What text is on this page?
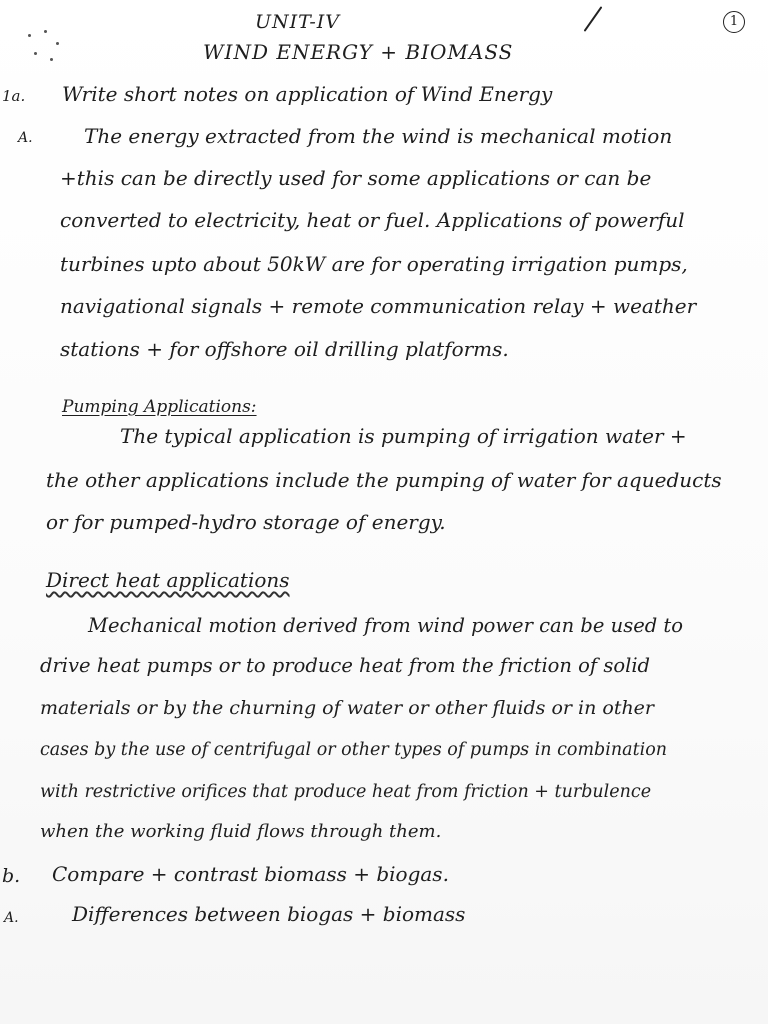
1
UNIT-IV
WIND ENERGY + BIOMASS
1a. Write short notes on application of Wind Energy
A.	The energy extracted from the wind is mechanical motion
+this can be directly used for some applications or can be
converted to electricity, heat or fuel. Applications of powerful
turbines upto about 50kW are for operating irrigation pumps,
navigational signals + remote communication relay + weather
stations + for offshore oil drilling platforms.
Pumping Applications:
The typical application is pumping of irrigation water +
the other applications include the pumping of water for aqueducts
or for pumped-hydro storage of energy.
Direct heat applications
Mechanical motion derived from wind power can be used to
drive heat pumps or to produce heat from the friction of solid
materials or by the churning of water or other fluids or in other
cases by the use of centrifugal or other types of pumps in combination
with restrictive orifices that produce heat from friction + turbulence
when the working fluid flows through them.
b. Compare + contrast biomass + biogas.
A.	Differences between biogas + biomass
